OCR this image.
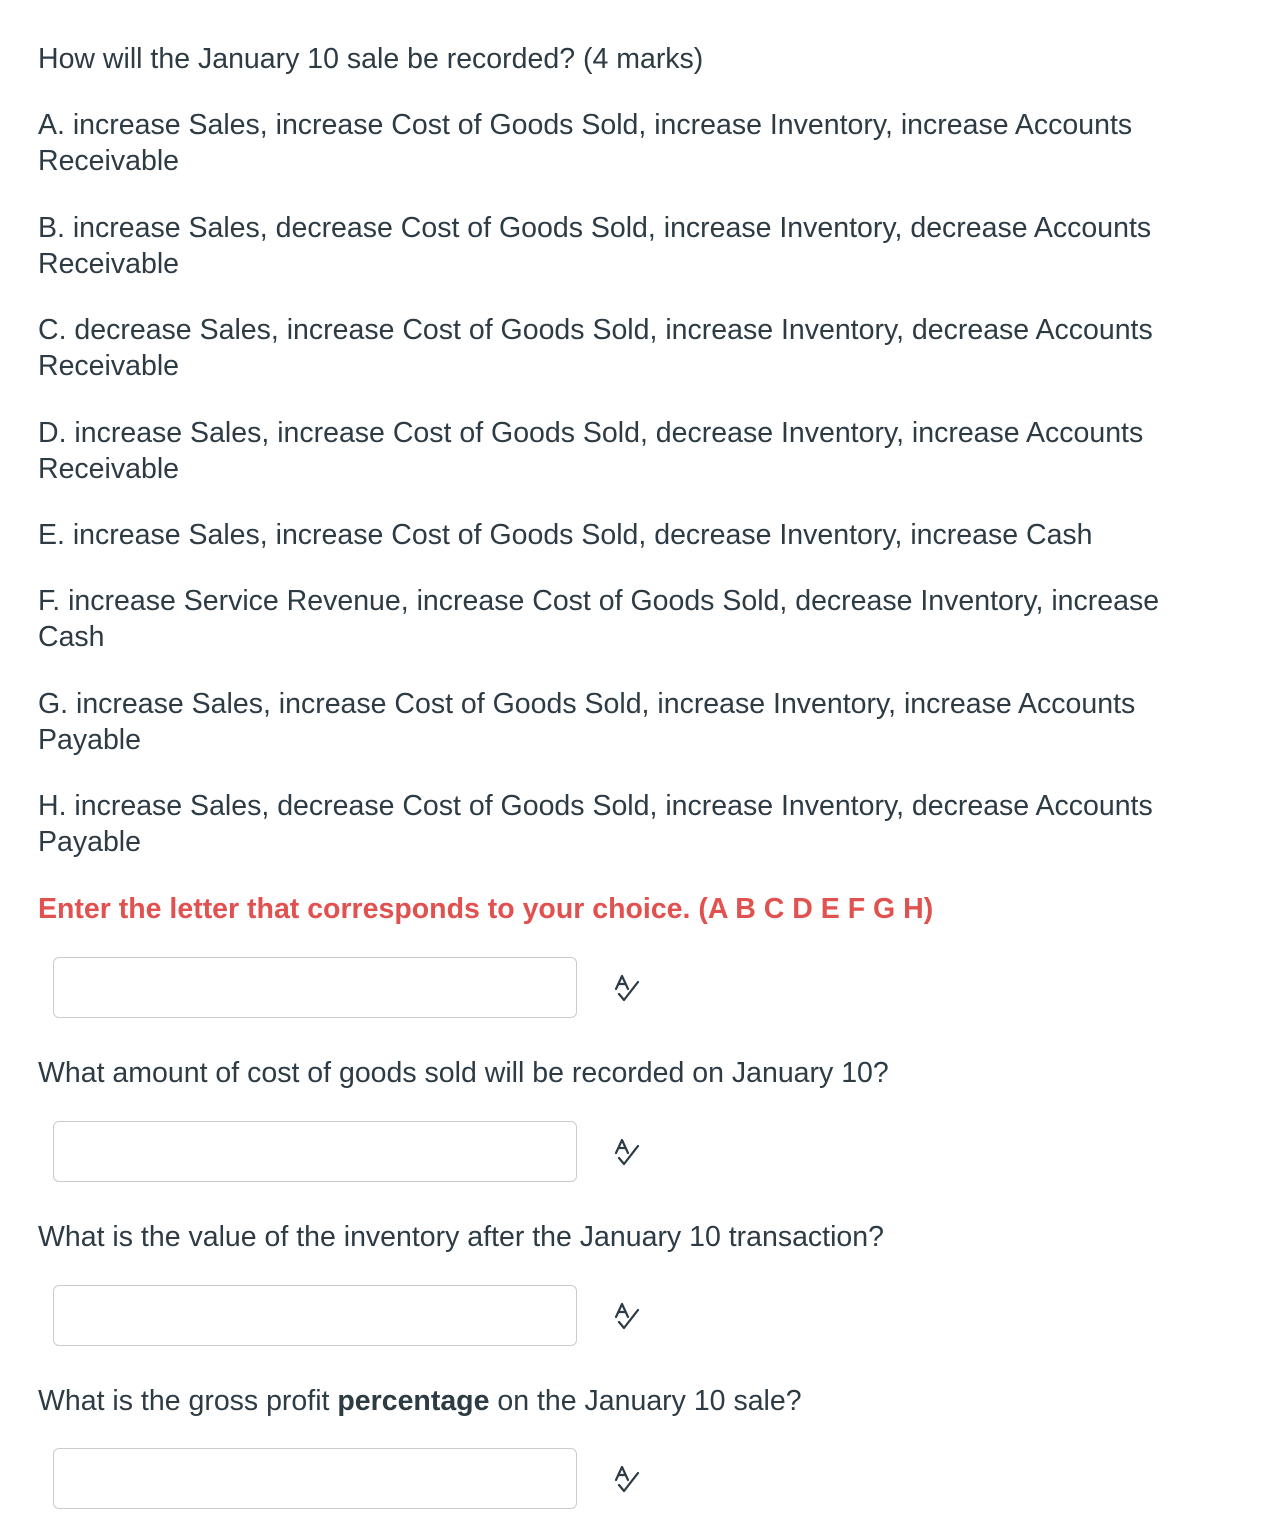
How will the January 10 sale be recorded? (4 marks)

A. increase Sales, increase Cost of Goods Sold, increase Inventory, increase Accounts Receivable

B. increase Sales, decrease Cost of Goods Sold, increase Inventory, decrease Accounts Receivable

C. decrease Sales, increase Cost of Goods Sold, increase Inventory, decrease Accounts Receivable

D. increase Sales, increase Cost of Goods Sold, decrease Inventory, increase Accounts Receivable

E. increase Sales, increase Cost of Goods Sold, decrease Inventory, increase Cash

F. increase Service Revenue, increase Cost of Goods Sold, decrease Inventory, increase Cash

G. increase Sales, increase Cost of Goods Sold, increase Inventory, increase Accounts Payable

H. increase Sales, decrease Cost of Goods Sold, increase Inventory, decrease Accounts Payable

Enter the letter that corresponds to your choice. (A B C D E F G H)

What amount of cost of goods sold will be recorded on January 10?

What is the value of the inventory after the January 10 transaction?

What is the gross profit percentage on the January 10 sale?
